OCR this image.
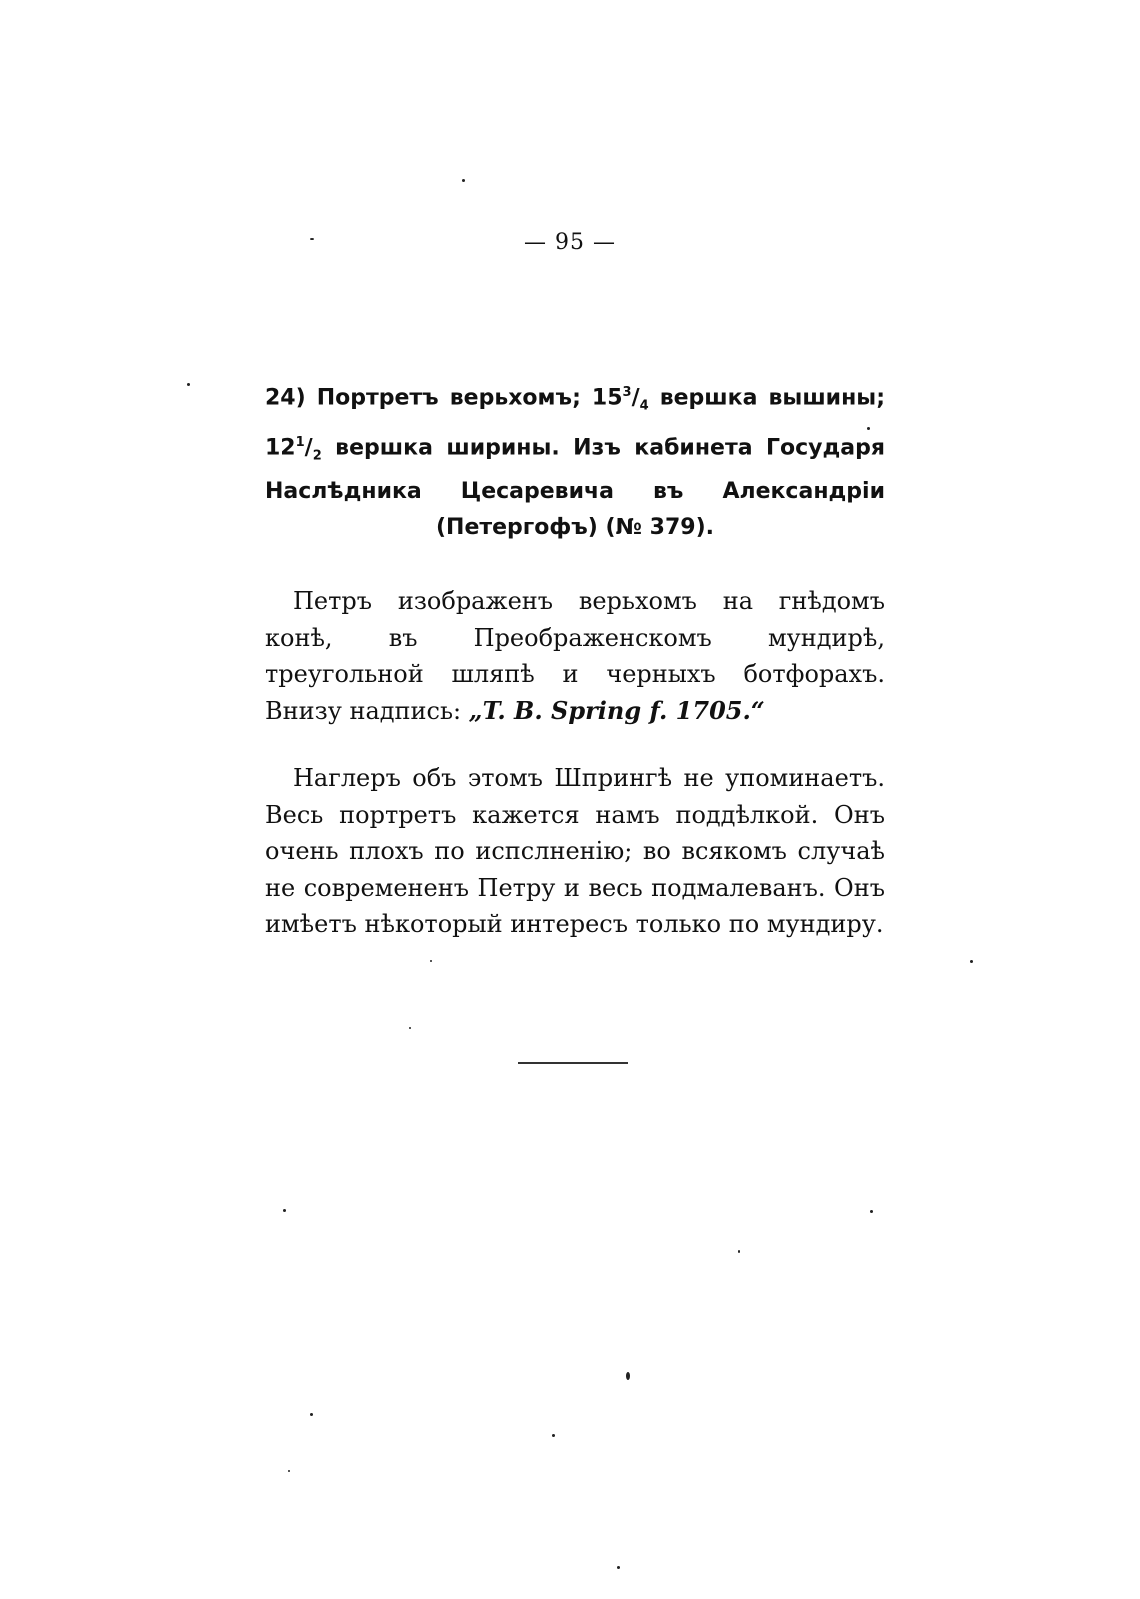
— 95 —
24) Портретъ верьхомъ; $15^3/_4$ вершка вышины; $12^1/_2$ вершка ширины. Изъ кабинета Государя Наслѣдника Цесаревича въ Александріи (Петергофъ) (№ 379).
Петръ изображенъ верьхомъ на гнѣдомъ конѣ, въ Преображенскомъ мундирѣ, треугольной шляпѣ и черныхъ ботфорахъ. Внизу надпись: „T. B. Spring f. 1705.“
Наглеръ объ этомъ Шпрингѣ не упоминаетъ. Весь портретъ кажется намъ поддѣлкой. Онъ очень плохъ по испслненію; во всякомъ случаѣ не современенъ Петру и весь подмалеванъ. Онъ имѣетъ нѣкоторый интересъ только по мундиру.
